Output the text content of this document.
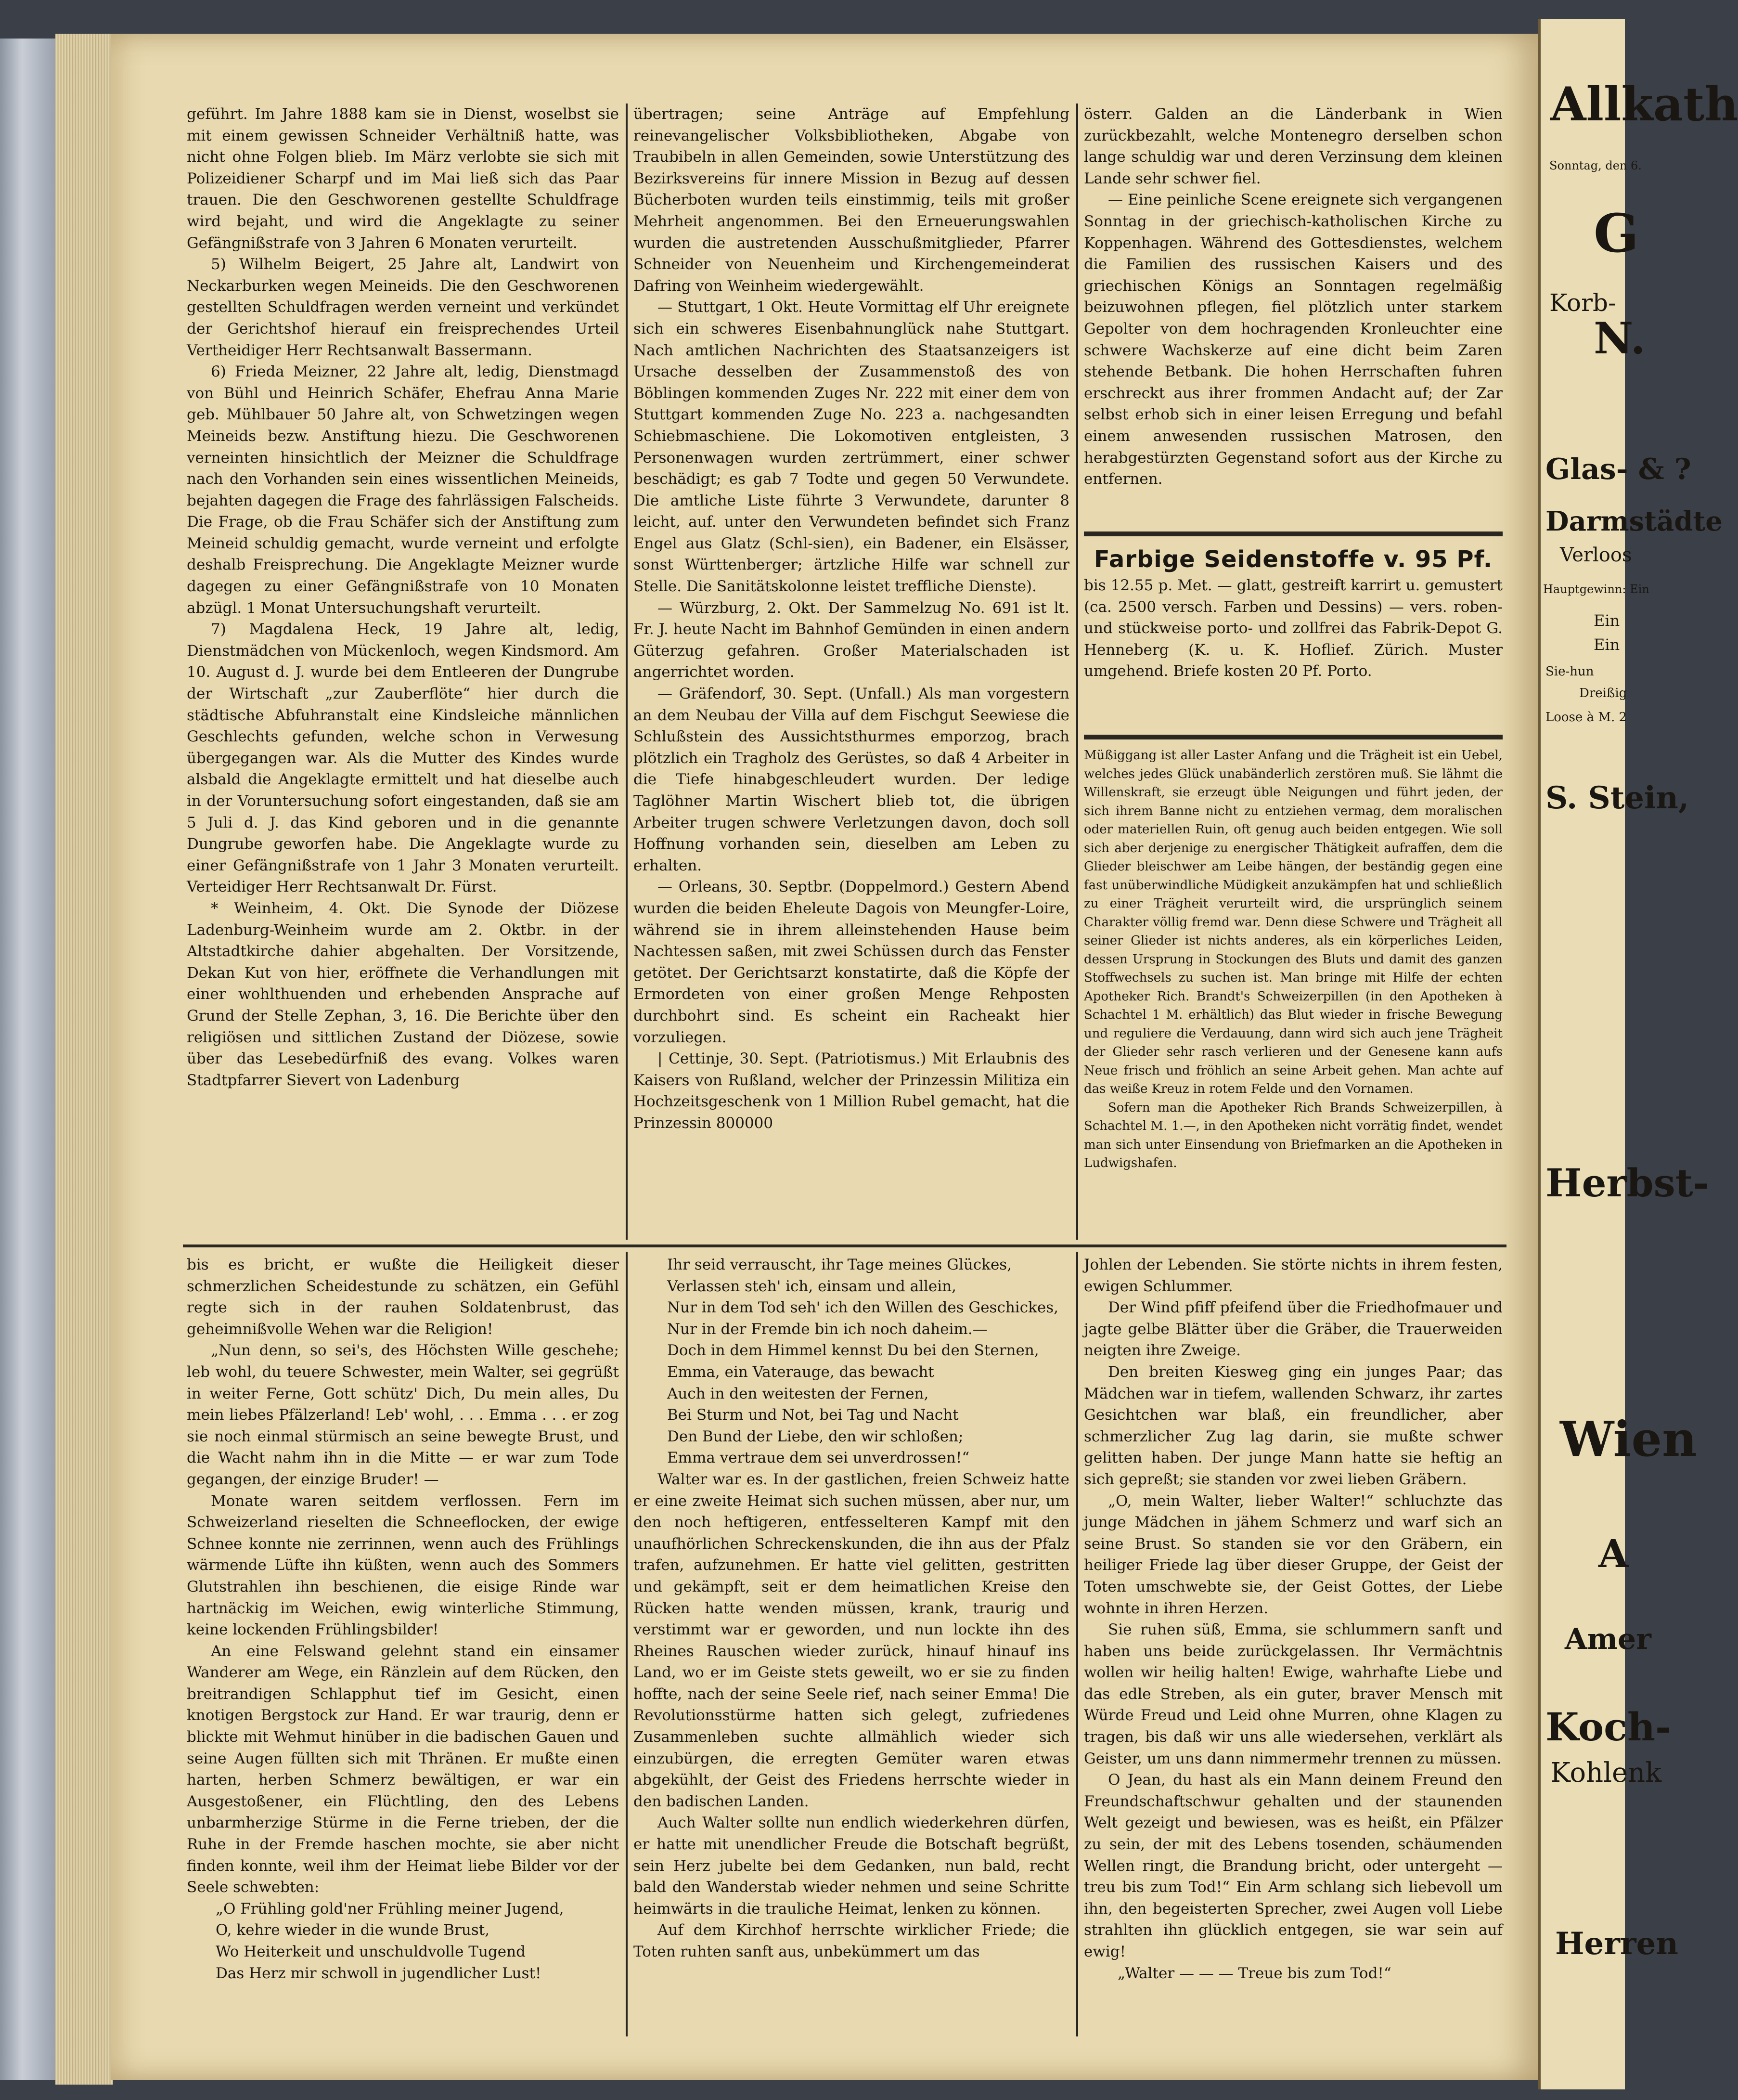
geführt. Im Jahre 1888 kam sie in Dienst, woselbst sie mit einem gewissen Schneider Verhältniß hatte, was nicht ohne Folgen blieb. Im März verlobte sie sich mit Polizeidiener Scharpf und im Mai ließ sich das Paar trauen. Die den Geschworenen gestellte Schuldfrage wird bejaht, und wird die Angeklagte zu seiner Gefängnißstrafe von 3 Jahren 6 Monaten verurteilt.

5) Wilhelm Beigert, 25 Jahre alt, Landwirt von Neckarburken wegen Meineids. Die den Geschworenen gestellten Schuldfragen werden verneint und verkündet der Gerichtshof hierauf ein freisprechendes Urteil Vertheidiger Herr Rechtsanwalt Bassermann.

6) Frieda Meizner, 22 Jahre alt, ledig, Dienstmagd von Bühl und Heinrich Schäfer, Ehefrau Anna Marie geb. Mühlbauer 50 Jahre alt, von Schwetzingen wegen Meineids bezw. Anstiftung hiezu. Die Geschworenen verneinten hinsichtlich der Meizner die Schuldfrage nach den Vorhanden sein eines wissentlichen Meineids, bejahten dagegen die Frage des fahrlässigen Falscheids. Die Frage, ob die Frau Schäfer sich der Anstiftung zum Meineid schuldig gemacht, wurde verneint und erfolgte deshalb Freisprechung. Die Angeklagte Meizner wurde dagegen zu einer Gefängnißstrafe von 10 Monaten abzügl. 1 Monat Untersuchungshaft verurteilt.

7) Magdalena Heck, 19 Jahre alt, ledig, Dienstmädchen von Mückenloch, wegen Kindsmord. Am 10. August d. J. wurde bei dem Entleeren der Dungrube der Wirtschaft „zur Zauberflöte“ hier durch die städtische Abfuhranstalt eine Kindsleiche männlichen Geschlechts gefunden, welche schon in Verwesung übergegangen war. Als die Mutter des Kindes wurde alsbald die Angeklagte ermittelt und hat dieselbe auch in der Voruntersuchung sofort eingestanden, daß sie am 5 Juli d. J. das Kind geboren und in die genannte Dungrube geworfen habe. Die Angeklagte wurde zu einer Gefängnißstrafe von 1 Jahr 3 Monaten verurteilt. Verteidiger Herr Rechtsanwalt Dr. Fürst.

* Weinheim, 4. Okt. Die Synode der Diözese Ladenburg-Weinheim wurde am 2. Oktbr. in der Altstadtkirche dahier abgehalten. Der Vorsitzende, Dekan Kut von hier, eröffnete die Verhandlungen mit einer wohlthuenden und erhebenden Ansprache auf Grund der Stelle Zephan, 3, 16. Die Berichte über den religiösen und sittlichen Zustand der Diözese, sowie über das Lesebedürfniß des evang. Volkes waren Stadtpfarrer Sievert von Ladenburg

übertragen; seine Anträge auf Empfehlung reinevangelischer Volksbibliotheken, Abgabe von Traubibeln in allen Gemeinden, sowie Unterstützung des Bezirksvereins für innere Mission in Bezug auf dessen Bücherboten wurden teils einstimmig, teils mit großer Mehrheit angenommen. Bei den Erneuerungswahlen wurden die austretenden Ausschußmitglieder, Pfarrer Schneider von Neuenheim und Kirchengemeinderat Dafring von Weinheim wiedergewählt.

— Stuttgart, 1 Okt. Heute Vormittag elf Uhr ereignete sich ein schweres Eisenbahnunglück nahe Stuttgart. Nach amtlichen Nachrichten des Staatsanzeigers ist Ursache desselben der Zusammenstoß des von Böblingen kommenden Zuges Nr. 222 mit einer dem von Stuttgart kommenden Zuge No. 223 a. nachgesandten Schiebmaschiene. Die Lokomotiven entgleisten, 3 Personenwagen wurden zertrümmert, einer schwer beschädigt; es gab 7 Todte und gegen 50 Verwundete. Die amtliche Liste führte 3 Verwundete, darunter 8 leicht, auf. unter den Verwundeten befindet sich Franz Engel aus Glatz (Schl-sien), ein Badener, ein Elsässer, sonst Württenberger; ärtzliche Hilfe war schnell zur Stelle. Die Sanitätskolonne leistet treffliche Dienste).

— Würzburg, 2. Okt. Der Sammelzug No. 691 ist lt. Fr. J. heute Nacht im Bahnhof Gemünden in einen andern Güterzug gefahren. Großer Materialschaden ist angerrichtet worden.

— Gräfendorf, 30. Sept. (Unfall.) Als man vorgestern an dem Neubau der Villa auf dem Fischgut Seewiese die Schlußstein des Aussichtsthurmes emporzog, brach plötzlich ein Tragholz des Gerüstes, so daß 4 Arbeiter in die Tiefe hinabgeschleudert wurden. Der ledige Taglöhner Martin Wischert blieb tot, die übrigen Arbeiter trugen schwere Verletzungen davon, doch soll Hoffnung vorhanden sein, dieselben am Leben zu erhalten.

— Orleans, 30. Septbr. (Doppelmord.) Gestern Abend wurden die beiden Eheleute Dagois von Meungfer-Loire, während sie in ihrem alleinstehenden Hause beim Nachtessen saßen, mit zwei Schüssen durch das Fenster getötet. Der Gerichtsarzt konstatirte, daß die Köpfe der Ermordeten von einer großen Menge Rehposten durchbohrt sind. Es scheint ein Racheakt hier vorzuliegen.

| Cettinje, 30. Sept. (Patriotismus.) Mit Erlaubnis des Kaisers von Rußland, welcher der Prinzessin Militiza ein Hochzeitsgeschenk von 1 Million Rubel gemacht, hat die Prinzessin 800000

österr. Galden an die Länderbank in Wien zurückbezahlt, welche Montenegro derselben schon lange schuldig war und deren Verzinsung dem kleinen Lande sehr schwer fiel.

— Eine peinliche Scene ereignete sich vergangenen Sonntag in der griechisch-katholischen Kirche zu Koppenhagen. Während des Gottesdienstes, welchem die Familien des russischen Kaisers und des griechischen Königs an Sonntagen regelmäßig beizuwohnen pflegen, fiel plötzlich unter starkem Gepolter von dem hochragenden Kronleuchter eine schwere Wachskerze auf eine dicht beim Zaren stehende Betbank. Die hohen Herrschaften fuhren erschreckt aus ihrer frommen Andacht auf; der Zar selbst erhob sich in einer leisen Erregung und befahl einem anwesenden russischen Matrosen, den herabgestürzten Gegenstand sofort aus der Kirche zu entfernen.

Farbige Seidenstoffe v. 95 Pf.

bis 12.55 p. Met. — glatt, gestreift karrirt u. gemustert (ca. 2500 versch. Farben und Dessins) — vers. roben- und stückweise porto- und zollfrei das Fabrik-Depot G. Henneberg (K. u. K. Hoflief. Zürich. Muster umgehend. Briefe kosten 20 Pf. Porto.

Müßiggang ist aller Laster Anfang und die Trägheit ist ein Uebel, welches jedes Glück unabänderlich zerstören muß. Sie lähmt die Willenskraft, sie erzeugt üble Neigungen und führt jeden, der sich ihrem Banne nicht zu entziehen vermag, dem moralischen oder materiellen Ruin, oft genug auch beiden entgegen. Wie soll sich aber derjenige zu energischer Thätigkeit aufraffen, dem die Glieder bleischwer am Leibe hängen, der beständig gegen eine fast unüberwindliche Müdigkeit anzukämpfen hat und schließlich zu einer Trägheit verurteilt wird, die ursprünglich seinem Charakter völlig fremd war. Denn diese Schwere und Trägheit all seiner Glieder ist nichts anderes, als ein körperliches Leiden, dessen Ursprung in Stockungen des Bluts und damit des ganzen Stoffwechsels zu suchen ist. Man bringe mit Hilfe der echten Apotheker Rich. Brandt's Schweizerpillen (in den Apotheken à Schachtel 1 M. erhältlich) das Blut wieder in frische Bewegung und reguliere die Verdauung, dann wird sich auch jene Trägheit der Glieder sehr rasch verlieren und der Genesene kann aufs Neue frisch und fröhlich an seine Arbeit gehen. Man achte auf das weiße Kreuz in rotem Felde und den Vornamen.

Sofern man die Apotheker Rich Brands Schweizerpillen, à Schachtel M. 1.—, in den Apotheken nicht vorrätig findet, wendet man sich unter Einsendung von Briefmarken an die Apotheken in Ludwigshafen.

bis es bricht, er wußte die Heiligkeit dieser schmerzlichen Scheidestunde zu schätzen, ein Gefühl regte sich in der rauhen Soldatenbrust, das geheimnißvolle Wehen war die Religion!

„Nun denn, so sei's, des Höchsten Wille geschehe; leb wohl, du teuere Schwester, mein Walter, sei gegrüßt in weiter Ferne, Gott schütz' Dich, Du mein alles, Du mein liebes Pfälzerland! Leb' wohl, . . . Emma . . . er zog sie noch einmal stürmisch an seine bewegte Brust, und die Wacht nahm ihn in die Mitte — er war zum Tode gegangen, der einzige Bruder! —

Monate waren seitdem verflossen. Fern im Schweizerland rieselten die Schneeflocken, der ewige Schnee konnte nie zerrinnen, wenn auch des Frühlings wärmende Lüfte ihn küßten, wenn auch des Sommers Glutstrahlen ihn beschienen, die eisige Rinde war hartnäckig im Weichen, ewig winterliche Stimmung, keine lockenden Frühlingsbilder!

An eine Felswand gelehnt stand ein einsamer Wanderer am Wege, ein Ränzlein auf dem Rücken, den breitrandigen Schlapphut tief im Gesicht, einen knotigen Bergstock zur Hand. Er war traurig, denn er blickte mit Wehmut hinüber in die badischen Gauen und seine Augen füllten sich mit Thränen. Er mußte einen harten, herben Schmerz bewältigen, er war ein Ausgestoßener, ein Flüchtling, den des Lebens unbarmherzige Stürme in die Ferne trieben, der die Ruhe in der Fremde haschen mochte, sie aber nicht finden konnte, weil ihm der Heimat liebe Bilder vor der Seele schwebten:

„O Frühling gold'ner Frühling meiner Jugend,

O, kehre wieder in die wunde Brust,

Wo Heiterkeit und unschuldvolle Tugend

Das Herz mir schwoll in jugendlicher Lust!

Ihr seid verrauscht, ihr Tage meines Glückes,

Verlassen steh' ich, einsam und allein,

Nur in dem Tod seh' ich den Willen des Geschickes,

Nur in der Fremde bin ich noch daheim.—

Doch in dem Himmel kennst Du bei den Sternen,

Emma, ein Vaterauge, das bewacht

Auch in den weitesten der Fernen,

Bei Sturm und Not, bei Tag und Nacht

Den Bund der Liebe, den wir schloßen;

Emma vertraue dem sei unverdrossen!“

Walter war es. In der gastlichen, freien Schweiz hatte er eine zweite Heimat sich suchen müssen, aber nur, um den noch heftigeren, entfesselteren Kampf mit den unaufhörlichen Schreckenskunden, die ihn aus der Pfalz trafen, aufzunehmen. Er hatte viel gelitten, gestritten und gekämpft, seit er dem heimatlichen Kreise den Rücken hatte wenden müssen, krank, traurig und verstimmt war er geworden, und nun lockte ihn des Rheines Rauschen wieder zurück, hinauf hinauf ins Land, wo er im Geiste stets geweilt, wo er sie zu finden hoffte, nach der seine Seele rief, nach seiner Emma! Die Revolutionsstürme hatten sich gelegt, zufriedenes Zusammenleben suchte allmählich wieder sich einzubürgen, die erregten Gemüter waren etwas abgekühlt, der Geist des Friedens herrschte wieder in den badischen Landen.

Auch Walter sollte nun endlich wiederkehren dürfen, er hatte mit unendlicher Freude die Botschaft begrüßt, sein Herz jubelte bei dem Gedanken, nun bald, recht bald den Wanderstab wieder nehmen und seine Schritte heimwärts in die trauliche Heimat, lenken zu können.

Auf dem Kirchhof herrschte wirklicher Friede; die Toten ruhten sanft aus, unbekümmert um das

Johlen der Lebenden. Sie störte nichts in ihrem festen, ewigen Schlummer.

Der Wind pfiff pfeifend über die Friedhofmauer und jagte gelbe Blätter über die Gräber, die Trauerweiden neigten ihre Zweige.

Den breiten Kiesweg ging ein junges Paar; das Mädchen war in tiefem, wallenden Schwarz, ihr zartes Gesichtchen war blaß, ein freundlicher, aber schmerzlicher Zug lag darin, sie mußte schwer gelitten haben. Der junge Mann hatte sie heftig an sich gepreßt; sie standen vor zwei lieben Gräbern.

„O, mein Walter, lieber Walter!“ schluchzte das junge Mädchen in jähem Schmerz und warf sich an seine Brust. So standen sie vor den Gräbern, ein heiliger Friede lag über dieser Gruppe, der Geist der Toten umschwebte sie, der Geist Gottes, der Liebe wohnte in ihren Herzen.

Sie ruhen süß, Emma, sie schlummern sanft und haben uns beide zurückgelassen. Ihr Vermächtnis wollen wir heilig halten! Ewige, wahrhafte Liebe und das edle Streben, als ein guter, braver Mensch mit Würde Freud und Leid ohne Murren, ohne Klagen zu tragen, bis daß wir uns alle wiedersehen, verklärt als Geister, um uns dann nimmermehr trennen zu müssen.

O Jean, du hast als ein Mann deinem Freund den Freundschaftschwur gehalten und der staunenden Welt gezeigt und bewiesen, was es heißt, ein Pfälzer zu sein, der mit des Lebens tosenden, schäumenden Wellen ringt, die Brandung bricht, oder untergeht — treu bis zum Tod!“ Ein Arm schlang sich liebevoll um ihn, den begeisterten Sprecher, zwei Augen voll Liebe strahlten ihn glücklich entgegen, sie war sein auf ewig!

„Walter — — — Treue bis zum Tod!“

Allkath
Sonntag, den 6.
G
Korb-
N.
Glas- & ?
Darmstädte
Verloos
Hauptgewinn: Ein
Ein
Ein
Sie-hun
Dreißig
Loose à M. 2
S. Stein,
Herbst-
Wien
A
Amer
Koch-
Kohlenk
Herren
